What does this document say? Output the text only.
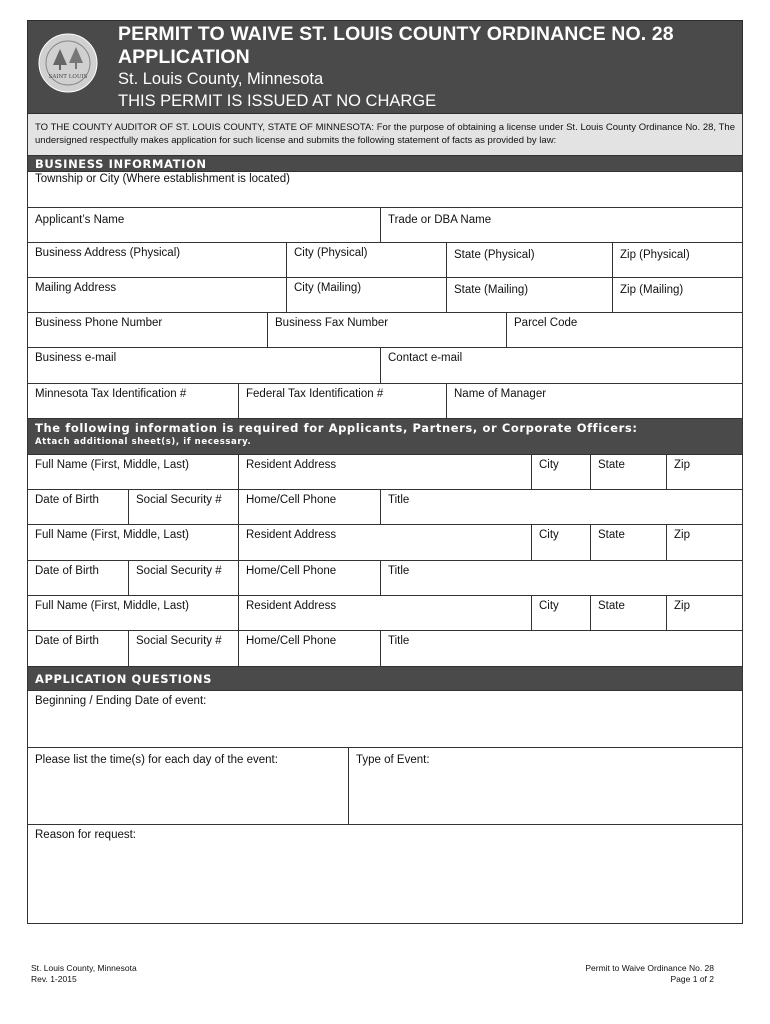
SAINT LOUIS
PERMIT TO WAIVE ST. LOUIS COUNTY ORDINANCE NO. 28
APPLICATION
St. Louis County, Minnesota
THIS PERMIT IS ISSUED AT NO CHARGE
TO THE COUNTY AUDITOR OF ST. LOUIS COUNTY, STATE OF MINNESOTA: For the purpose of obtaining a license under St. Louis County Ordinance No. 28, The undersigned respectfully makes application for such license and submits the following statement of facts as provided by law:
BUSINESS INFORMATION
Township or City (Where establishment is located)
Applicant’s Name	Trade or DBA Name
Business Address (Physical)	City (Physical)	State (Physical)	Zip (Physical)
Mailing Address	City (Mailing)	State (Mailing)	Zip (Mailing)
Business Phone Number	Business Fax Number	Parcel Code
Business e-mail	Contact e-mail
Minnesota Tax Identification #	Federal Tax Identification #	Name of Manager
The following information is required for Applicants, Partners, or Corporate Officers:
Attach additional sheet(s), if necessary.
Full Name (First, Middle, Last)	Resident Address	City	State	Zip
Date of Birth	Social Security #	Home/Cell Phone	Title
Full Name (First, Middle, Last)	Resident Address	City	State	Zip
Date of Birth	Social Security #	Home/Cell Phone	Title
Full Name (First, Middle, Last)	Resident Address	City	State	Zip
Date of Birth	Social Security #	Home/Cell Phone	Title
APPLICATION QUESTIONS
Beginning / Ending Date of event:
Please list the time(s) for each day of the event:	Type of Event:
Reason for request:
St. Louis County, Minnesota
Rev. 1-2015
Permit to Waive Ordinance No. 28
Page 1 of 2
